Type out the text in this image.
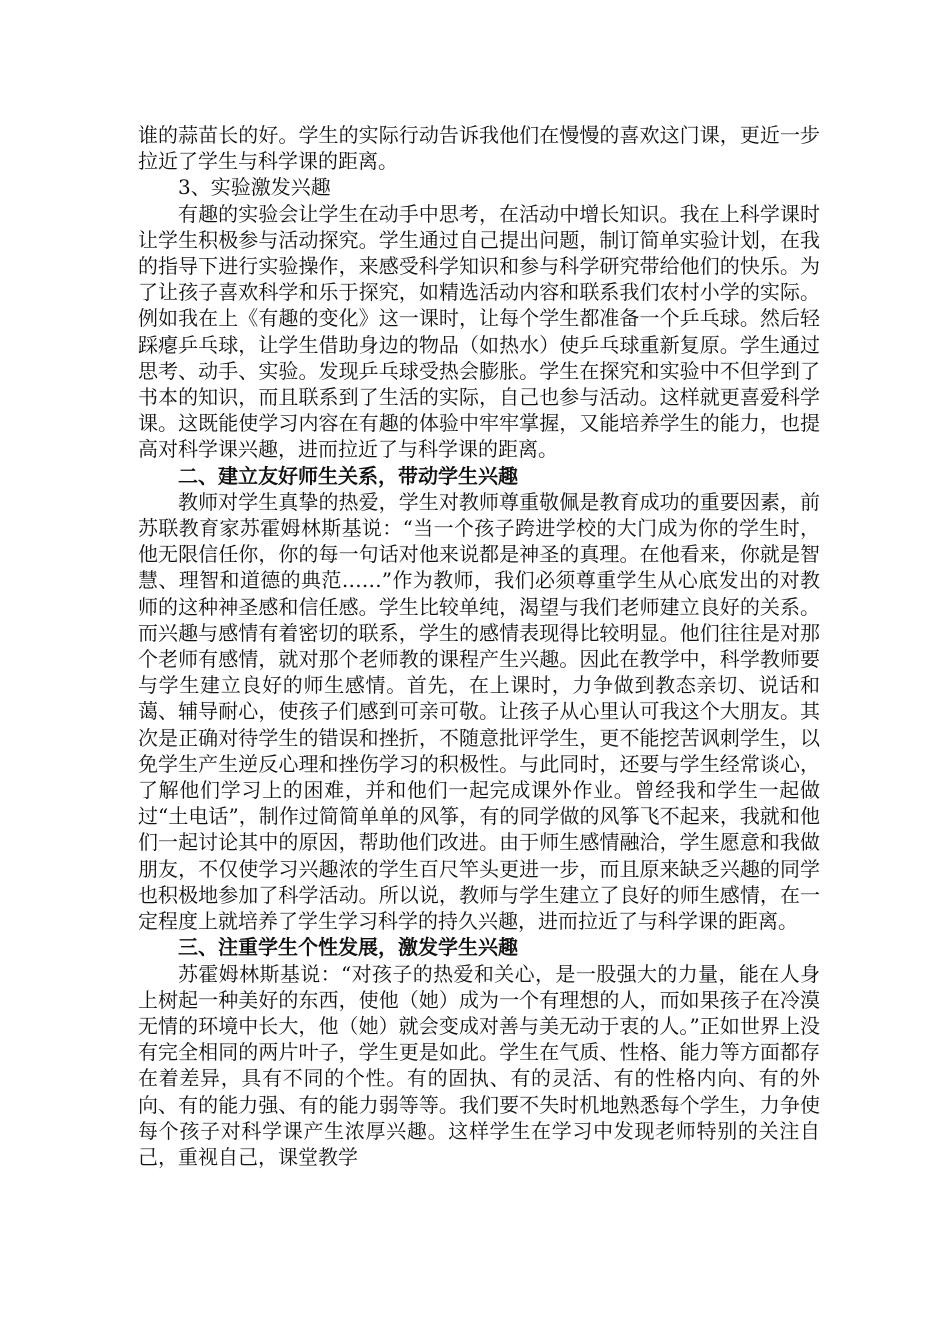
谁的蒜苗长的好。学生的实际行动告诉我他们在慢慢的喜欢这门课，更近一步拉近了学生与科学课的距离。

3、实验激发兴趣

有趣的实验会让学生在动手中思考，在活动中增长知识。我在上科学课时让学生积极参与活动探究。学生通过自己提出问题，制订简单实验计划，在我的指导下进行实验操作，来感受科学知识和参与科学研究带给他们的快乐。为了让孩子喜欢科学和乐于探究，如精选活动内容和联系我们农村小学的实际。例如我在上《有趣的变化》这一课时，让每个学生都准备一个乒乓球。然后轻踩瘪乒乓球，让学生借助身边的物品（如热水）使乒乓球重新复原。学生通过思考、动手、实验。发现乒乓球受热会膨胀。学生在探究和实验中不但学到了书本的知识，而且联系到了生活的实际，自己也参与活动。这样就更喜爱科学课。这既能使学习内容在有趣的体验中牢牢掌握，又能培养学生的能力，也提高对科学课兴趣，进而拉近了与科学课的距离。

二、建立友好师生关系，带动学生兴趣

教师对学生真挚的热爱，学生对教师尊重敬佩是教育成功的重要因素，前苏联教育家苏霍姆林斯基说：“当一个孩子跨进学校的大门成为你的学生时，他无限信任你，你的每一句话对他来说都是神圣的真理。在他看来，你就是智慧、理智和道德的典范……”作为教师，我们必须尊重学生从心底发出的对教师的这种神圣感和信任感。学生比较单纯，渴望与我们老师建立良好的关系。而兴趣与感情有着密切的联系，学生的感情表现得比较明显。他们往往是对那个老师有感情，就对那个老师教的课程产生兴趣。因此在教学中，科学教师要与学生建立良好的师生感情。首先，在上课时，力争做到教态亲切、说话和蔼、辅导耐心，使孩子们感到可亲可敬。让孩子从心里认可我这个大朋友。其次是正确对待学生的错误和挫折，不随意批评学生，更不能挖苦讽刺学生，以免学生产生逆反心理和挫伤学习的积极性。与此同时，还要与学生经常谈心，了解他们学习上的困难，并和他们一起完成课外作业。曾经我和学生一起做过“土电话”，制作过简简单单的风筝，有的同学做的风筝飞不起来，我就和他们一起讨论其中的原因，帮助他们改进。由于师生感情融洽，学生愿意和我做朋友，不仅使学习兴趣浓的学生百尺竿头更进一步，而且原来缺乏兴趣的同学也积极地参加了科学活动。所以说，教师与学生建立了良好的师生感情，在一定程度上就培养了学生学习科学的持久兴趣，进而拉近了与科学课的距离。

三、注重学生个性发展，激发学生兴趣

苏霍姆林斯基说：“对孩子的热爱和关心，是一股强大的力量，能在人身上树起一种美好的东西，使他（她）成为一个有理想的人，而如果孩子在冷漠无情的环境中长大，他（她）就会变成对善与美无动于衷的人。”正如世界上没有完全相同的两片叶子，学生更是如此。学生在气质、性格、能力等方面都存在着差异，具有不同的个性。有的固执、有的灵活、有的性格内向、有的外向、有的能力强、有的能力弱等等。我们要不失时机地熟悉每个学生，力争使每个孩子对科学课产生浓厚兴趣。这样学生在学习中发现老师特别的关注自己，重视自己，课堂教学
